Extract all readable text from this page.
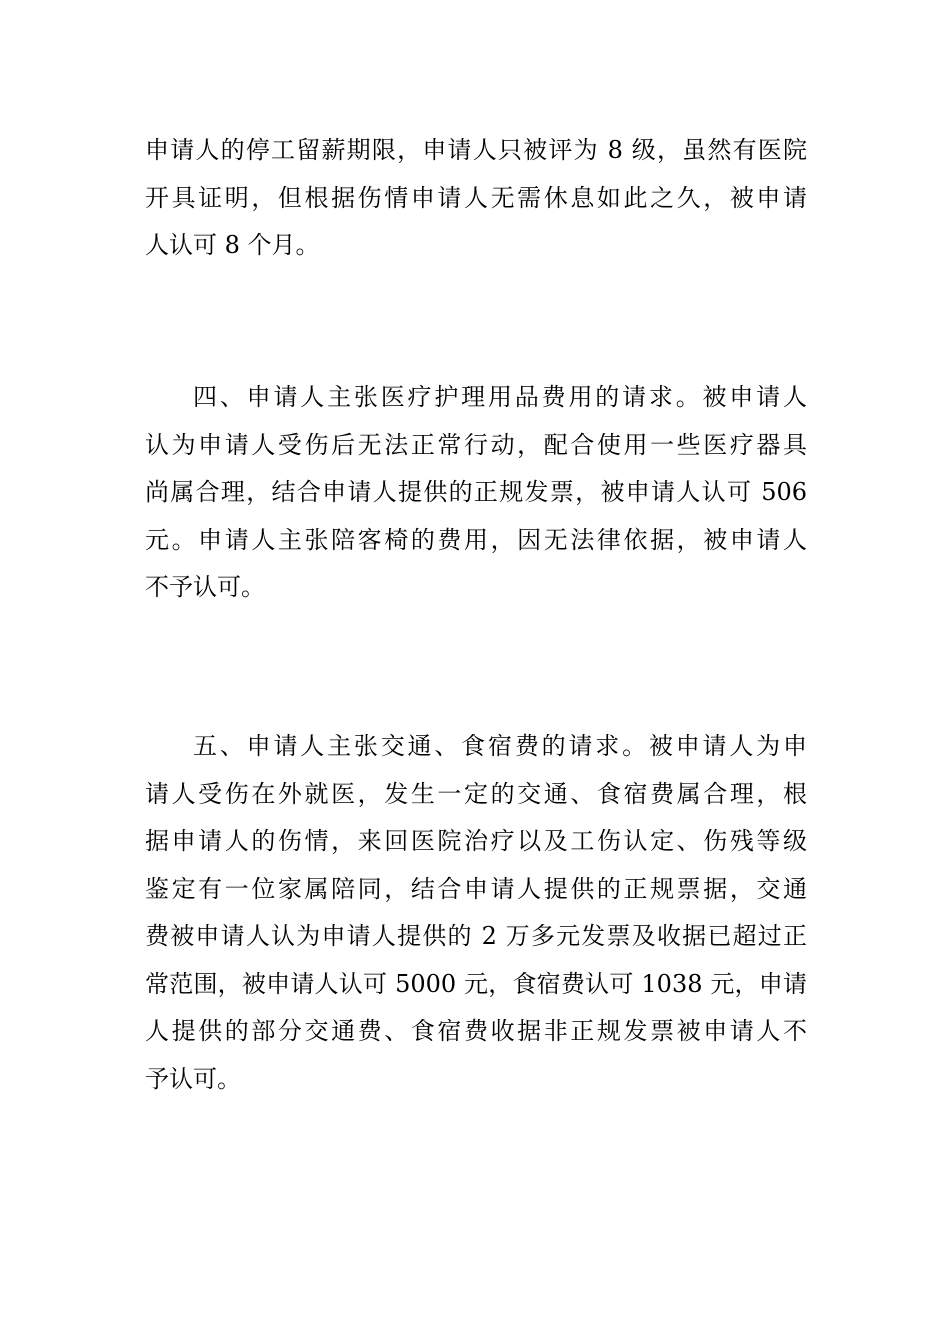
申请人的停工留薪期限，申请人只被评为 8 级，虽然有医院
开具证明，但根据伤情申请人无需休息如此之久，被申请
人认可 8 个月。
四、申请人主张医疗护理用品费用的请求。被申请人
认为申请人受伤后无法正常行动，配合使用一些医疗器具
尚属合理，结合申请人提供的正规发票，被申请人认可 506
元。申请人主张陪客椅的费用，因无法律依据，被申请人
不予认可。
五、申请人主张交通、食宿费的请求。被申请人为申
请人受伤在外就医，发生一定的交通、食宿费属合理，根
据申请人的伤情，来回医院治疗以及工伤认定、伤残等级
鉴定有一位家属陪同，结合申请人提供的正规票据，交通
费被申请人认为申请人提供的 2 万多元发票及收据已超过正
常范围，被申请人认可 5000 元，食宿费认可 1038 元，申请
人提供的部分交通费、食宿费收据非正规发票被申请人不
予认可。
